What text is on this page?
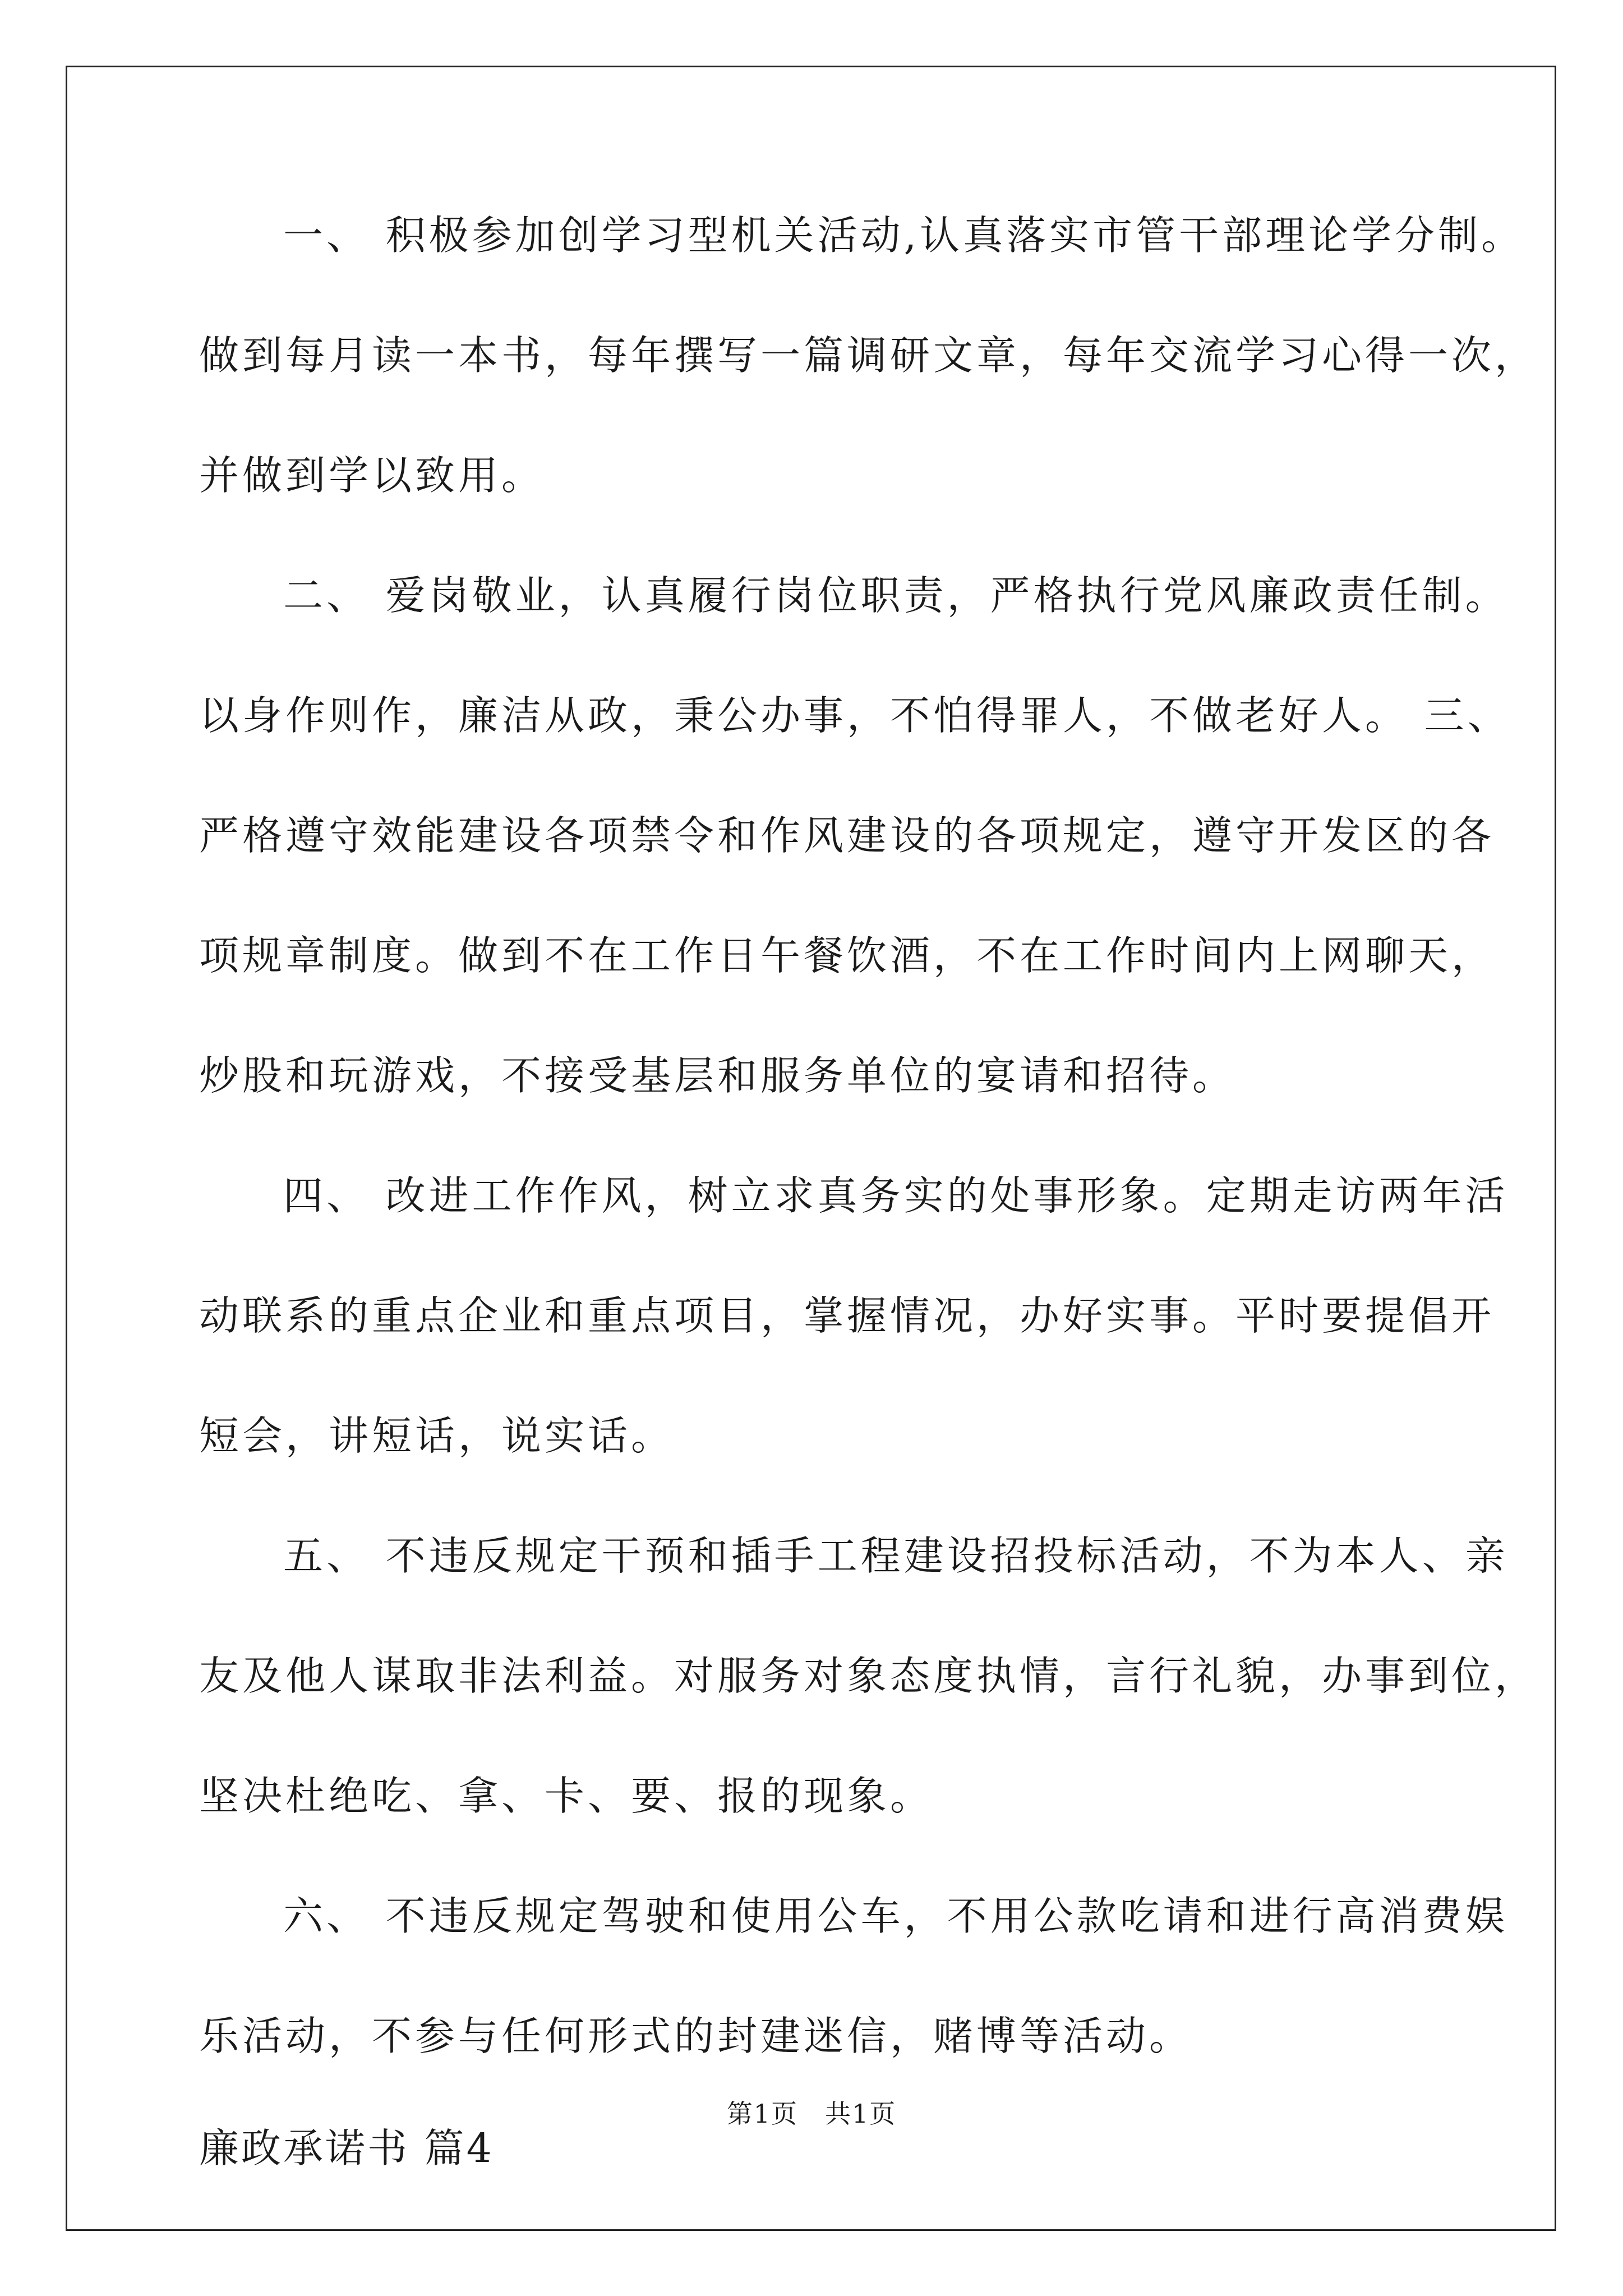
一、 积极参加创学习型机关活动,认真落实市管干部理论学分制。
做到每月读一本书，每年撰写一篇调研文章，每年交流学习心得一次，
并做到学以致用。
二、 爱岗敬业，认真履行岗位职责，严格执行党风廉政责任制。
以身作则作，廉洁从政，秉公办事，不怕得罪人，不做老好人。 三、
严格遵守效能建设各项禁令和作风建设的各项规定，遵守开发区的各
项规章制度。做到不在工作日午餐饮酒，不在工作时间内上网聊天，
炒股和玩游戏，不接受基层和服务单位的宴请和招待。
四、 改进工作作风，树立求真务实的处事形象。定期走访两年活
动联系的重点企业和重点项目，掌握情况，办好实事。平时要提倡开
短会，讲短话，说实话。
五、 不违反规定干预和插手工程建设招投标活动，不为本人、亲
友及他人谋取非法利益。对服务对象态度执情，言行礼貌，办事到位，
坚决杜绝吃、拿、卡、要、报的现象。
六、 不违反规定驾驶和使用公车，不用公款吃请和进行高消费娱
乐活动，不参与任何形式的封建迷信，赌博等活动。
廉政承诺书 篇4
第1页　共1页
